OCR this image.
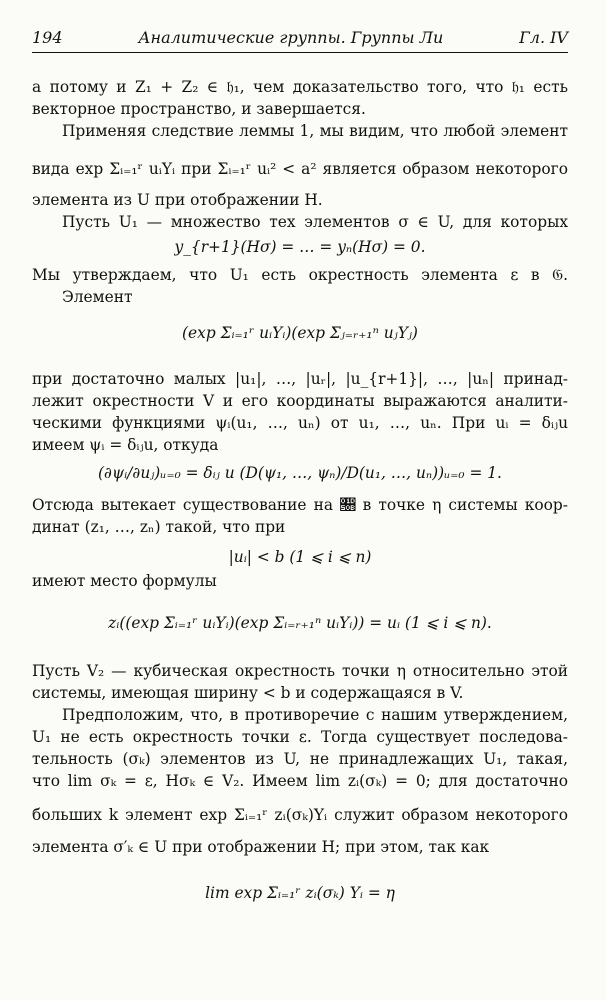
194	Аналитические группы. Группы Ли	Гл. IV
а потому и Z₁ + Z₂ ∈ 𝔥₁, чем доказательство того, что 𝔥₁ есть
векторное пространство, и завершается.
Применяя следствие леммы 1, мы видим, что любой элемент
вида exp Σᵢ₌₁ʳ uᵢYᵢ при Σᵢ₌₁ʳ uᵢ² < a² является образом некоторого
элемента из U при отображении H.
Пусть U₁ — множество тех элементов σ ∈ U, для которых
y_{r+1}(Hσ) = … = yₙ(Hσ) = 0.
Мы утверждаем, что U₁ есть окрестность элемента ε в 𝔊.
Элемент
(exp Σᵢ₌₁ʳ uᵢYᵢ)(exp Σⱼ₌ᵣ₊₁ⁿ uⱼYⱼ)
при достаточно малых |u₁|, …, |uᵣ|, |u_{r+1}|, …, |uₙ| принад-
лежит окрестности V и его координаты выражаются аналити-
ческими функциями ψᵢ(u₁, …, uₙ) от u₁, …, uₙ. При uᵢ = δᵢⱼu
имеем ψᵢ = δᵢⱼu, откуда
(∂ψᵢ/∂uⱼ)ᵤ₌₀ = δᵢⱼ и (D(ψ₁, …, ψₙ)/D(u₁, …, uₙ))ᵤ₌₀ = 1.
Отсюда вытекает существование на 𝔋 в точке η системы коор-
динат (z₁, …, zₙ) такой, что при
|uᵢ| < b (1 ⩽ i ⩽ n)
имеют место формулы
zᵢ((exp Σᵢ₌₁ʳ uᵢYᵢ)(exp Σᵢ₌ᵣ₊₁ⁿ uᵢYᵢ)) = uᵢ (1 ⩽ i ⩽ n).
Пусть V₂ — кубическая окрестность точки η относительно этой
системы, имеющая ширину < b и содержащаяся в V.
Предположим, что, в противоречие с нашим утверждением,
U₁ не есть окрестность точки ε. Тогда существует последова-
тельность (σₖ) элементов из U, не принадлежащих U₁, такая,
что lim σₖ = ε, Hσₖ ∈ V₂. Имеем lim zᵢ(σₖ) = 0; для достаточно
больших k элемент exp Σᵢ₌₁ʳ zᵢ(σₖ)Yᵢ служит образом некоторого
элемента σ′ₖ ∈ U при отображении H; при этом, так как
lim exp Σᵢ₌₁ʳ zᵢ(σₖ) Yᵢ = η
